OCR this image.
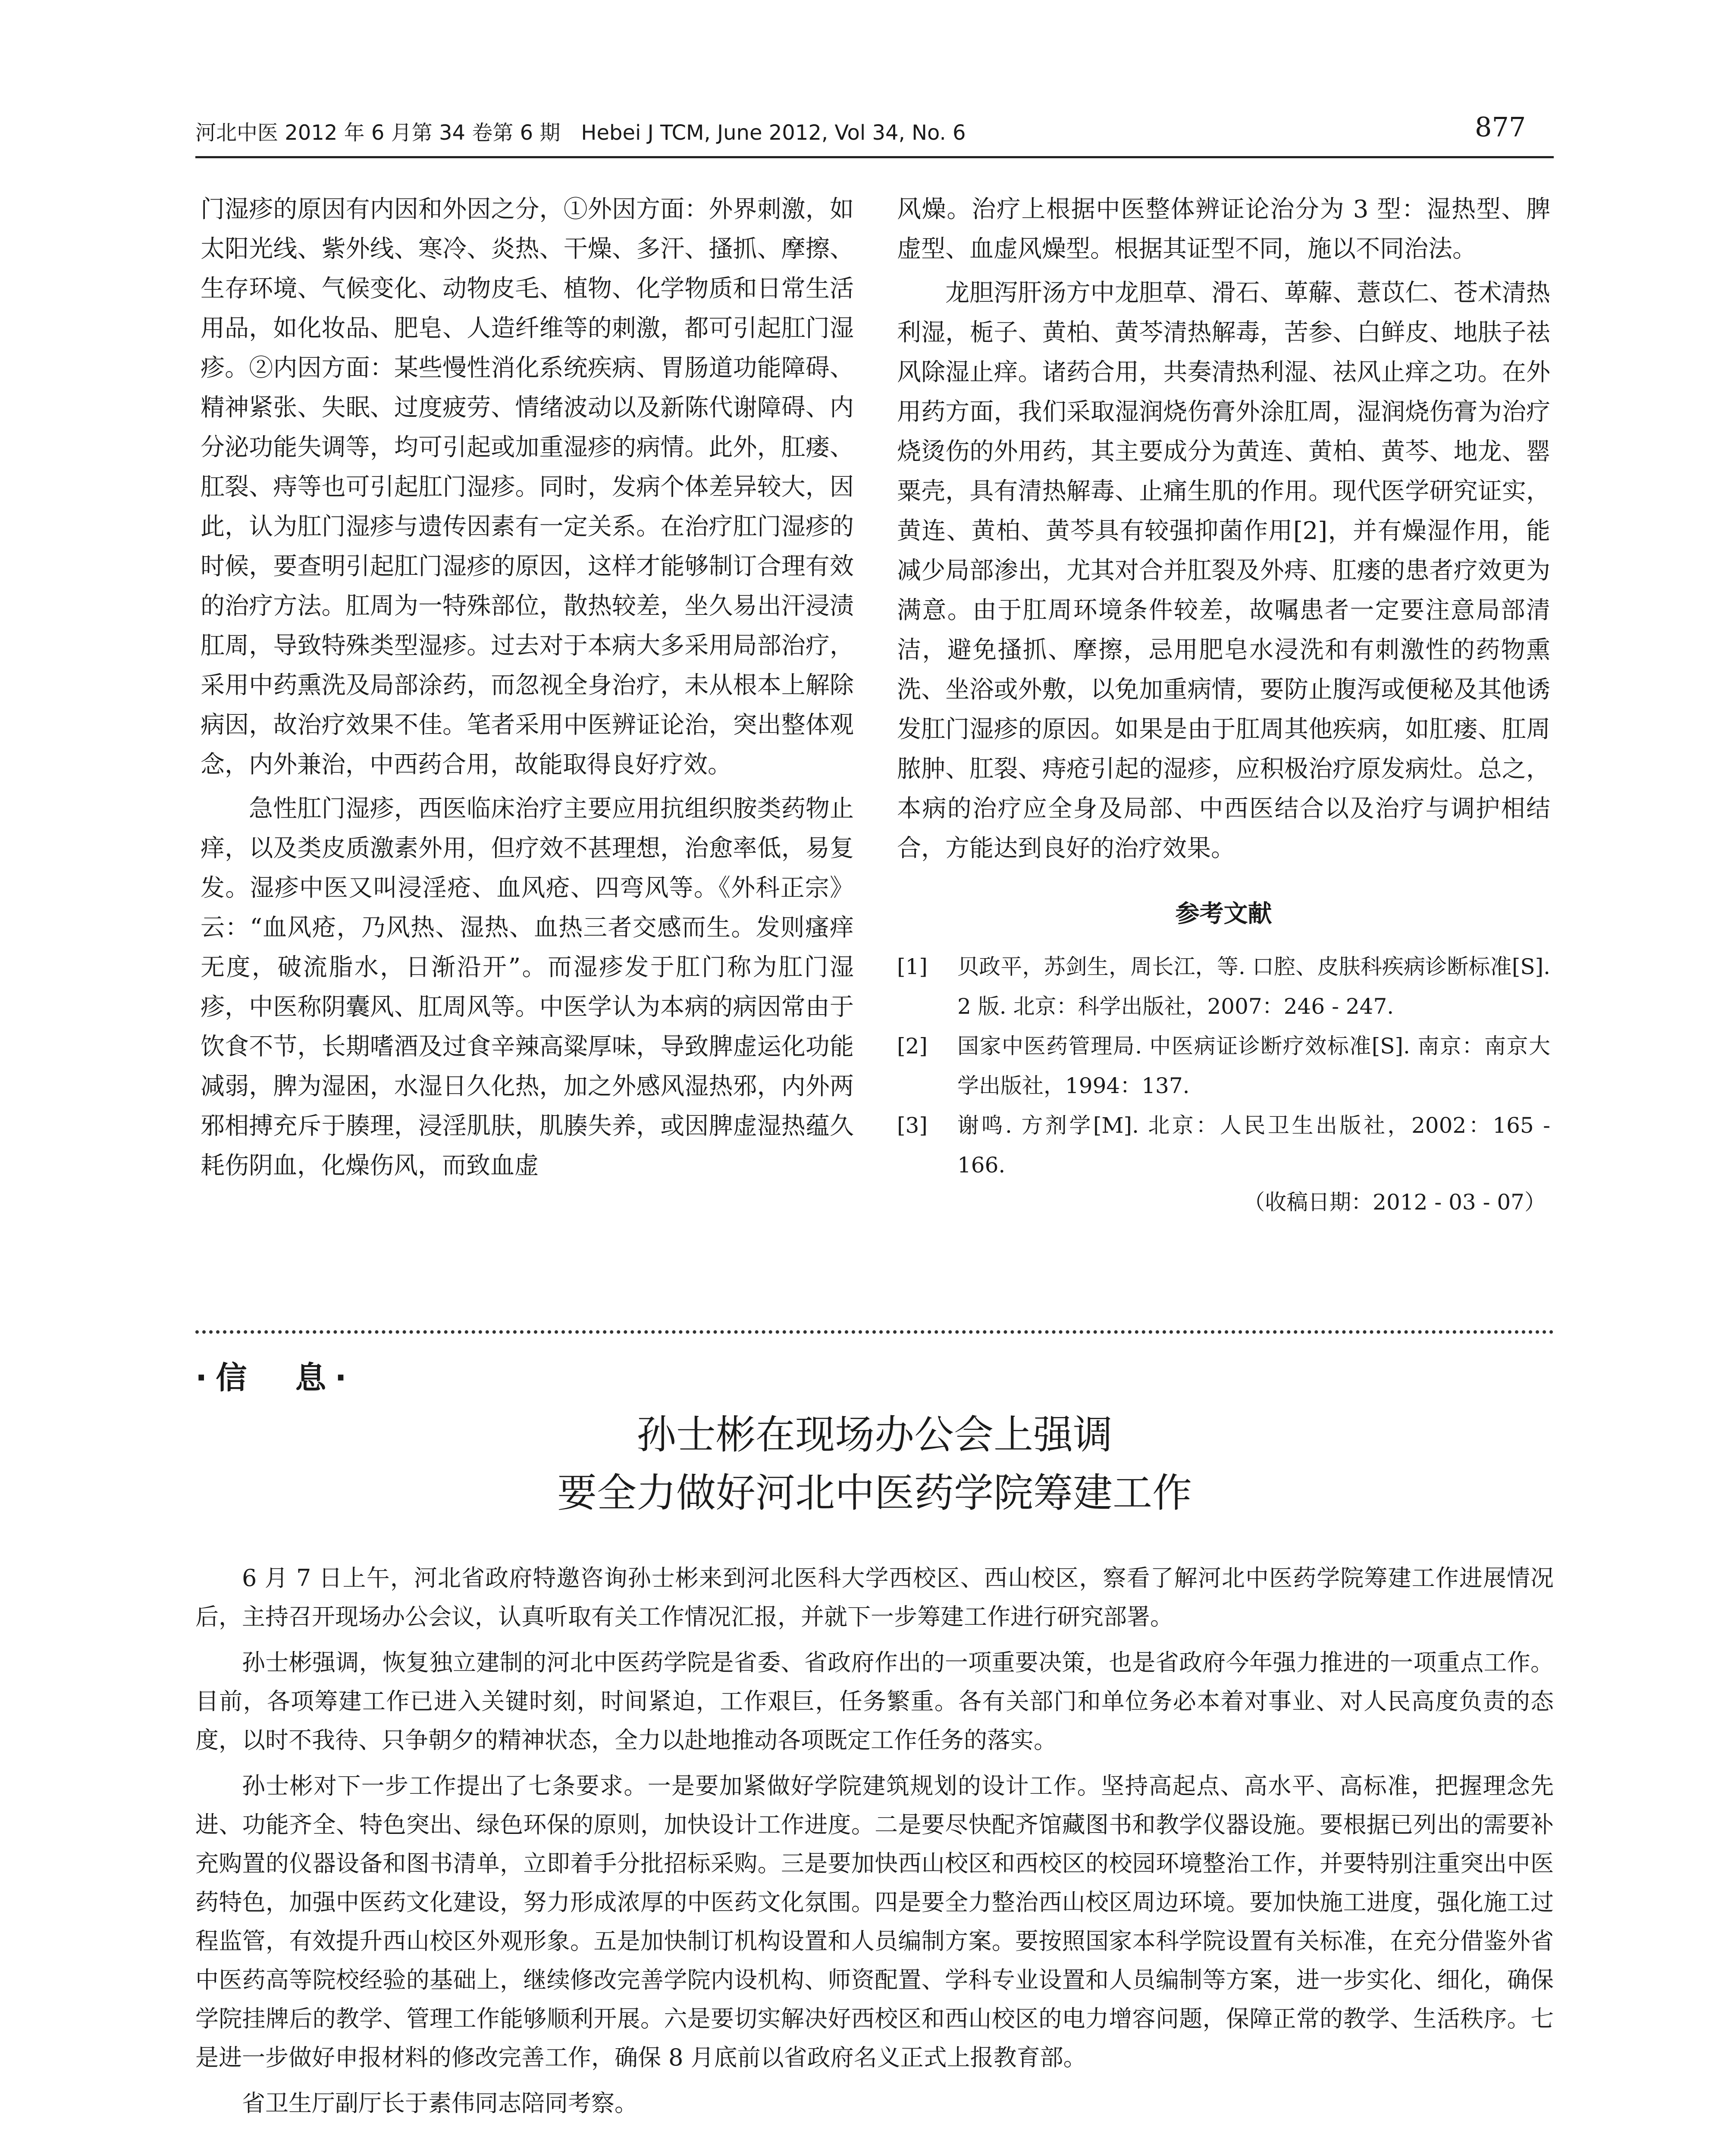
河北中医 2012 年 6 月第 34 卷第 6 期　Hebei J TCM, June 2012, Vol 34, No. 6	877

门湿疹的原因有内因和外因之分，①外因方面：外界刺激，如太阳光线、紫外线、寒冷、炎热、干燥、多汗、搔抓、摩擦、生存环境、气候变化、动物皮毛、植物、化学物质和日常生活用品，如化妆品、肥皂、人造纤维等的刺激，都可引起肛门湿疹。②内因方面：某些慢性消化系统疾病、胃肠道功能障碍、精神紧张、失眠、过度疲劳、情绪波动以及新陈代谢障碍、内分泌功能失调等，均可引起或加重湿疹的病情。此外，肛瘘、肛裂、痔等也可引起肛门湿疹。同时，发病个体差异较大，因此，认为肛门湿疹与遗传因素有一定关系。在治疗肛门湿疹的时候，要查明引起肛门湿疹的原因，这样才能够制订合理有效的治疗方法。肛周为一特殊部位，散热较差，坐久易出汗浸渍肛周，导致特殊类型湿疹。过去对于本病大多采用局部治疗，采用中药熏洗及局部涂药，而忽视全身治疗，未从根本上解除病因，故治疗效果不佳。笔者采用中医辨证论治，突出整体观念，内外兼治，中西药合用，故能取得良好疗效。

急性肛门湿疹，西医临床治疗主要应用抗组织胺类药物止痒，以及类皮质激素外用，但疗效不甚理想，治愈率低，易复发。湿疹中医又叫浸淫疮、血风疮、四弯风等。《外科正宗》云：“血风疮，乃风热、湿热、血热三者交感而生。发则瘙痒无度，破流脂水，日渐沿开”。而湿疹发于肛门称为肛门湿疹，中医称阴囊风、肛周风等。中医学认为本病的病因常由于饮食不节，长期嗜酒及过食辛辣高粱厚味，导致脾虚运化功能减弱，脾为湿困，水湿日久化热，加之外感风湿热邪，内外两邪相搏充斥于腠理，浸淫肌肤，肌腠失养，或因脾虚湿热蕴久耗伤阴血，化燥伤风，而致血虚

风燥。治疗上根据中医整体辨证论治分为 3 型：湿热型、脾虚型、血虚风燥型。根据其证型不同，施以不同治法。

龙胆泻肝汤方中龙胆草、滑石、萆薢、薏苡仁、苍术清热利湿，栀子、黄柏、黄芩清热解毒，苦参、白鲜皮、地肤子祛风除湿止痒。诸药合用，共奏清热利湿、祛风止痒之功。在外用药方面，我们采取湿润烧伤膏外涂肛周，湿润烧伤膏为治疗烧烫伤的外用药，其主要成分为黄连、黄柏、黄芩、地龙、罂粟壳，具有清热解毒、止痛生肌的作用。现代医学研究证实，黄连、黄柏、黄芩具有较强抑菌作用[2]，并有燥湿作用，能减少局部渗出，尤其对合并肛裂及外痔、肛瘘的患者疗效更为满意。由于肛周环境条件较差，故嘱患者一定要注意局部清洁，避免搔抓、摩擦，忌用肥皂水浸洗和有刺激性的药物熏洗、坐浴或外敷，以免加重病情，要防止腹泻或便秘及其他诱发肛门湿疹的原因。如果是由于肛周其他疾病，如肛瘘、肛周脓肿、肛裂、痔疮引起的湿疹，应积极治疗原发病灶。总之，本病的治疗应全身及局部、中西医结合以及治疗与调护相结合，方能达到良好的治疗效果。

参考文献
[1]	贝政平，苏剑生，周长江，等. 口腔、皮肤科疾病诊断标准[S]. 2 版. 北京：科学出版社，2007：246 - 247.
[2]	国家中医药管理局. 中医病证诊断疗效标准[S]. 南京：南京大学出版社，1994：137.
[3]	谢鸣. 方剂学[M]. 北京：人民卫生出版社，2002：165 - 166.
（收稿日期：2012 - 03 - 07）
·信　息·
孙士彬在现场办公会上强调
要全力做好河北中医药学院筹建工作

6 月 7 日上午，河北省政府特邀咨询孙士彬来到河北医科大学西校区、西山校区，察看了解河北中医药学院筹建工作进展情况后，主持召开现场办公会议，认真听取有关工作情况汇报，并就下一步筹建工作进行研究部署。

孙士彬强调，恢复独立建制的河北中医药学院是省委、省政府作出的一项重要决策，也是省政府今年强力推进的一项重点工作。目前，各项筹建工作已进入关键时刻，时间紧迫，工作艰巨，任务繁重。各有关部门和单位务必本着对事业、对人民高度负责的态度，以时不我待、只争朝夕的精神状态，全力以赴地推动各项既定工作任务的落实。

孙士彬对下一步工作提出了七条要求。一是要加紧做好学院建筑规划的设计工作。坚持高起点、高水平、高标准，把握理念先进、功能齐全、特色突出、绿色环保的原则，加快设计工作进度。二是要尽快配齐馆藏图书和教学仪器设施。要根据已列出的需要补充购置的仪器设备和图书清单，立即着手分批招标采购。三是要加快西山校区和西校区的校园环境整治工作，并要特别注重突出中医药特色，加强中医药文化建设，努力形成浓厚的中医药文化氛围。四是要全力整治西山校区周边环境。要加快施工进度，强化施工过程监管，有效提升西山校区外观形象。五是加快制订机构设置和人员编制方案。要按照国家本科学院设置有关标准，在充分借鉴外省中医药高等院校经验的基础上，继续修改完善学院内设机构、师资配置、学科专业设置和人员编制等方案，进一步实化、细化，确保学院挂牌后的教学、管理工作能够顺利开展。六是要切实解决好西校区和西山校区的电力增容问题，保障正常的教学、生活秩序。七是进一步做好申报材料的修改完善工作，确保 8 月底前以省政府名义正式上报教育部。

省卫生厅副厅长于素伟同志陪同考察。
